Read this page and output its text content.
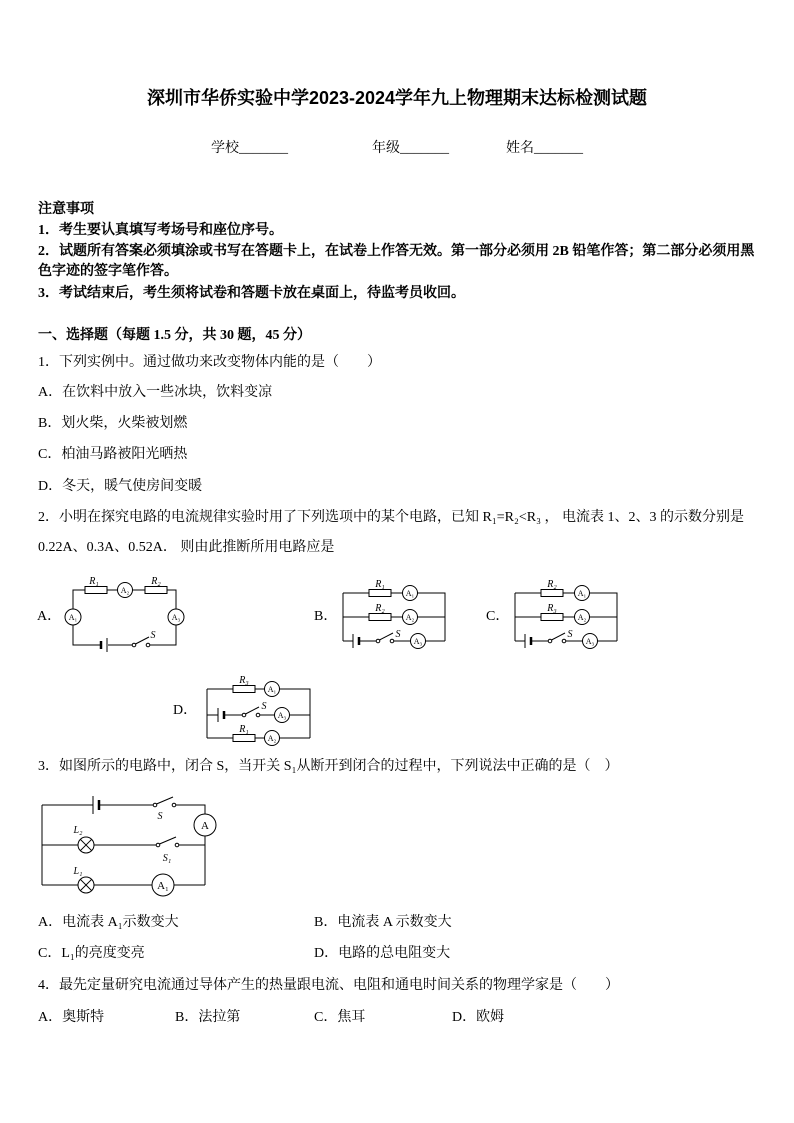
R₁	R₂
A₁
A₂
A₃
S
R₁
R₂
A₁
A₂
A₃
S
R₂
R₃
A₁
A₂
A₃
S
R₃
R₁
A₁
A₃
A₂
S
S
S₁
L₂
L₁
A
A₁
深圳市华侨实验中学2023-2024学年九上物理期末达标检测试题
学校_______	年级_______	姓名_______
注意事项
1．考生要认真填写考场号和座位序号。
2．试题所有答案必须填涂或书写在答题卡上，在试卷上作答无效。第一部分必须用 2B 铅笔作答；第二部分必须用黑
色字迹的签字笔作答。
3．考试结束后，考生须将试卷和答题卡放在桌面上，待监考员收回。
一、选择题（每题 1.5 分，共 30 题，45 分）
1．下列实例中。通过做功来改变物体内能的是（　　）
A．在饮料中放入一些冰块，饮料变凉
B．划火柴，火柴被划燃
C．柏油马路被阳光晒热
D．冬天，暖气使房间变暖
2．小明在探究电路的电流规律实验时用了下列选项中的某个电路，已知 R₁=R₂<R₃ ， 电流表 1、2、3 的示数分别是
0.22A、0.3A、0.52A． 则由此推断所用电路应是
A．	B．	C．
D．
3．如图所示的电路中，闭合 S，当开关 S₁从断开到闭合的过程中，下列说法中正确的是（　）
A．电流表 A₁示数变大	B．电流表 A 示数变大
C．L₁的亮度变亮	D．电路的总电阻变大
4．最先定量研究电流通过导体产生的热量跟电流、电阻和通电时间关系的物理学家是（　　）
A．奥斯特	B．法拉第	C．焦耳	D．欧姆
